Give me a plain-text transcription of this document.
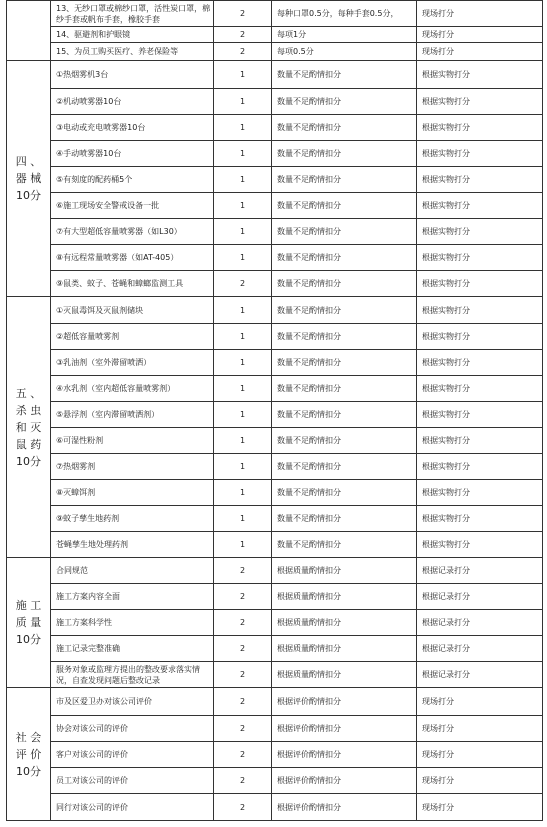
	13、无纱口罩或棉纱口罩，活性炭口罩，棉纱手套或帆布手套，橡胶手套	2	每种口罩0.5分，每种手套0.5分，	现场打分
	14、驱避剂和护眼镜	2	每项1分	现场打分
	15、为员工购买医疗、养老保险等	2	每项0.5分	现场打分

四 、
器 械
10分	①热烟雾机3台	1	数量不足酌情扣分	根据实物打分
	②机动喷雾器10台	1	数量不足酌情扣分	根据实物打分
	③电动或充电喷雾器10台	1	数量不足酌情扣分	根据实物打分
	④手动喷雾器10台	1	数量不足酌情扣分	根据实物打分
	⑤有刻度的配药桶5个	1	数量不足酌情扣分	根据实物打分
	⑥施工现场安全警戒设备一批	1	数量不足酌情扣分	根据实物打分
	⑦有大型超低容量喷雾器（如L30）	1	数量不足酌情扣分	根据实物打分
	⑧有远程常量喷雾器（如AT-405）	1	数量不足酌情扣分	根据实物打分
	⑨鼠类、蚊子、苍蝇和蟑螂监测工具	2	数量不足酌情扣分	根据实物打分

五 、
杀 虫
和 灭
鼠 药
10分	①灭鼠毒饵及灭鼠剂储块	1	数量不足酌情扣分	根据实物打分
	②超低容量喷雾剂	1	数量不足酌情扣分	根据实物打分
	③乳油剂（室外滞留喷洒）	1	数量不足酌情扣分	根据实物打分
	④水乳剂（室内超低容量喷雾剂）	1	数量不足酌情扣分	根据实物打分
	⑤悬浮剂（室内滞留喷洒剂）	1	数量不足酌情扣分	根据实物打分
	⑥可湿性粉剂	1	数量不足酌情扣分	根据实物打分
	⑦热烟雾剂	1	数量不足酌情扣分	根据实物打分
	⑧灭蟑饵剂	1	数量不足酌情扣分	根据实物打分
	⑨蚊子孳生地药剂	1	数量不足酌情扣分	根据实物打分
	苍蝇孳生地处理药剂	1	数量不足酌情扣分	根据实物打分

施 工
质 量
10分	合同规范	2	根据质量酌情扣分	根据记录打分
	施工方案内容全面	2	根据质量酌情扣分	根据记录打分
	施工方案科学性	2	根据质量酌情扣分	根据记录打分
	施工记录完整准确	2	根据质量酌情扣分	根据记录打分
	服务对象或监理方提出的整改要求落实情况，自查发现问题后整改记录	2	根据质量酌情扣分	根据记录打分

社 会
评 价
10分	市及区爱卫办对该公司评价	2	根据评价酌情扣分	现场打分
	协会对该公司的评价	2	根据评价酌情扣分	现场打分
	客户对该公司的评价	2	根据评价酌情扣分	现场打分
	员工对该公司的评价	2	根据评价酌情扣分	现场打分
	同行对该公司的评价	2	根据评价酌情扣分	现场打分
